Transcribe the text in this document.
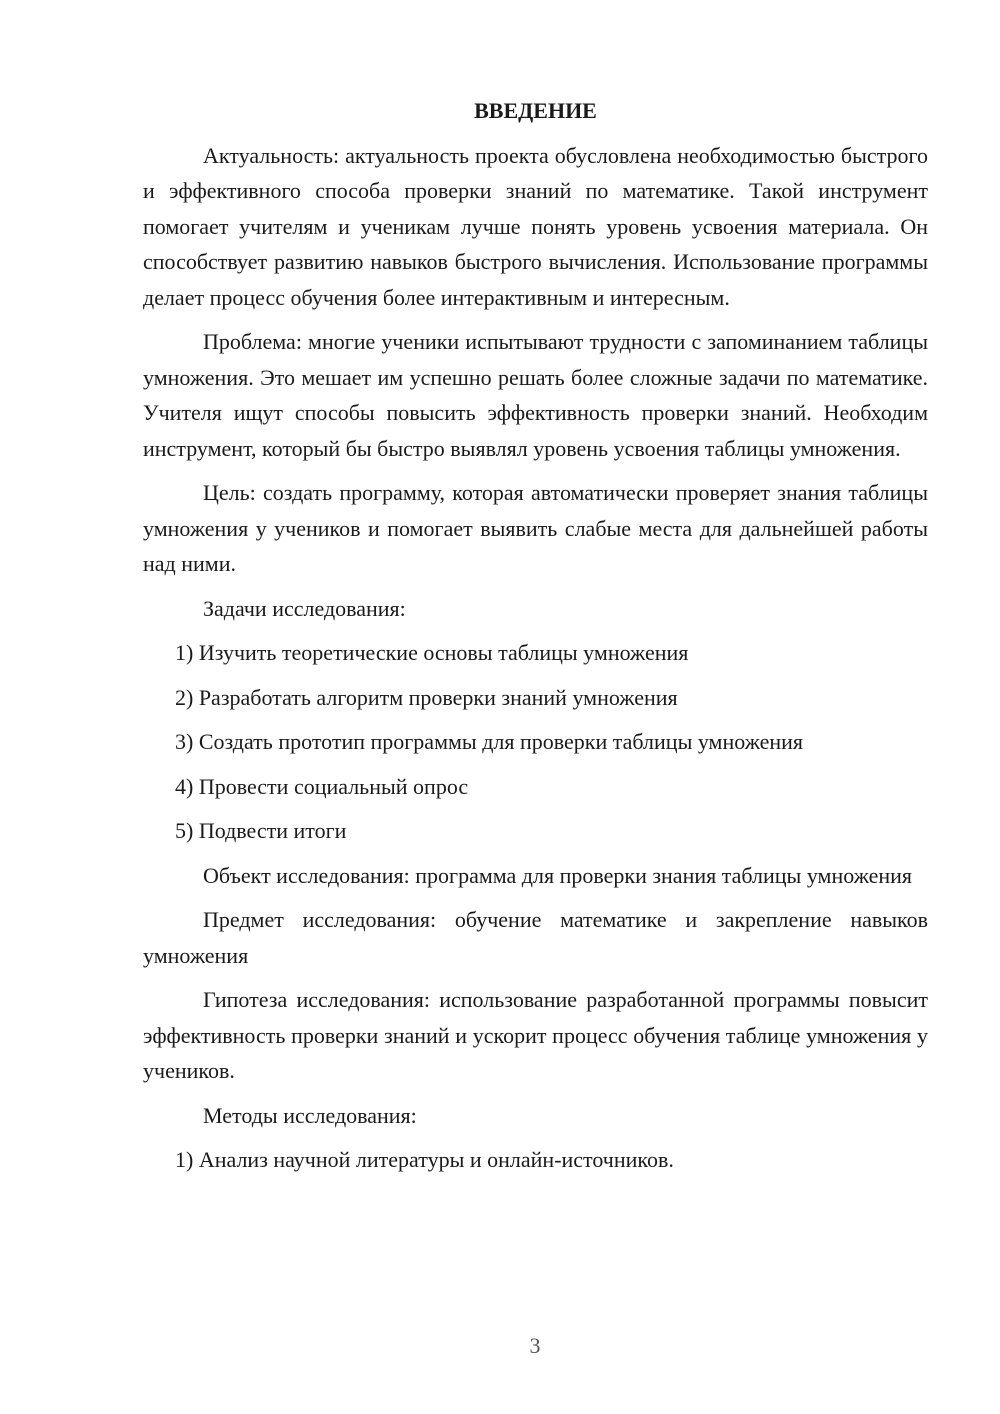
ВВЕДЕНИЕ

Актуальность: актуальность проекта обусловлена необходимостью быстрого и эффективного способа проверки знаний по математике. Такой инструмент помогает учителям и ученикам лучше понять уровень усвоения материала. Он способствует развитию навыков быстрого вычисления. Использование программы делает процесс обучения более интерактивным и интересным.

Проблема: многие ученики испытывают трудности с запоминанием таблицы умножения. Это мешает им успешно решать более сложные задачи по математике. Учителя ищут способы повысить эффективность проверки знаний. Необходим инструмент, который бы быстро выявлял уровень усвоения таблицы умножения.

Цель: создать программу, которая автоматически проверяет знания таблицы умножения у учеников и помогает выявить слабые места для дальнейшей работы над ними.

Задачи исследования:

1) Изучить теоретические основы таблицы умножения

2) Разработать алгоритм проверки знаний умножения

3) Создать прототип программы для проверки таблицы умножения

4) Провести социальный опрос

5) Подвести итоги

Объект исследования: программа для проверки знания таблицы умножения

Предмет исследования: обучение математике и закрепление навыков умножения

Гипотеза исследования: использование разработанной программы повысит эффективность проверки знаний и ускорит процесс обучения таблице умножения у учеников.

Методы исследования:

1) Анализ научной литературы и онлайн-источников.

3
